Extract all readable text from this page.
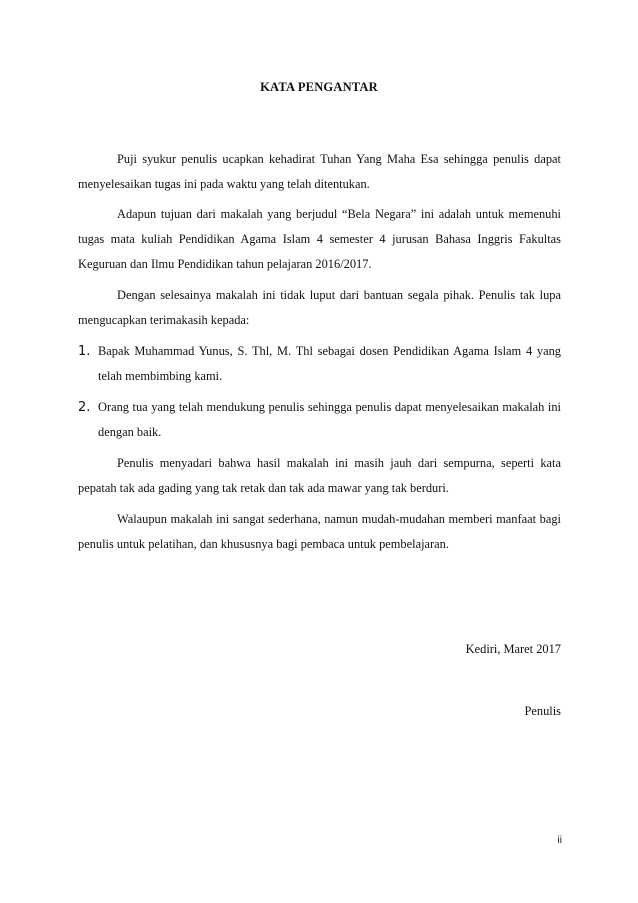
KATA PENGANTAR

Puji syukur penulis ucapkan kehadirat Tuhan Yang Maha Esa sehingga penulis dapat menyelesaikan tugas ini pada waktu yang telah ditentukan.

Adapun tujuan dari makalah yang berjudul “Bela Negara” ini adalah untuk memenuhi tugas mata kuliah Pendidikan Agama Islam 4 semester 4 jurusan Bahasa Inggris Fakultas Keguruan dan Ilmu Pendidikan tahun pelajaran 2016/2017.

Dengan selesainya makalah ini tidak luput dari bantuan segala pihak. Penulis tak lupa mengucapkan terimakasih kepada:

1. Bapak Muhammad Yunus, S. Thl, M. Thl sebagai dosen Pendidikan Agama Islam 4 yang telah membimbing kami.
2. Orang tua yang telah mendukung penulis sehingga penulis dapat menyelesaikan makalah ini dengan baik.

Penulis menyadari bahwa hasil makalah ini masih jauh dari sempurna, seperti kata pepatah tak ada gading yang tak retak dan tak ada mawar yang tak berduri.

Walaupun makalah ini sangat sederhana, namun mudah-mudahan memberi manfaat bagi penulis untuk pelatihan, dan khususnya bagi pembaca untuk pembelajaran.

Kediri, Maret 2017
Penulis
ii
